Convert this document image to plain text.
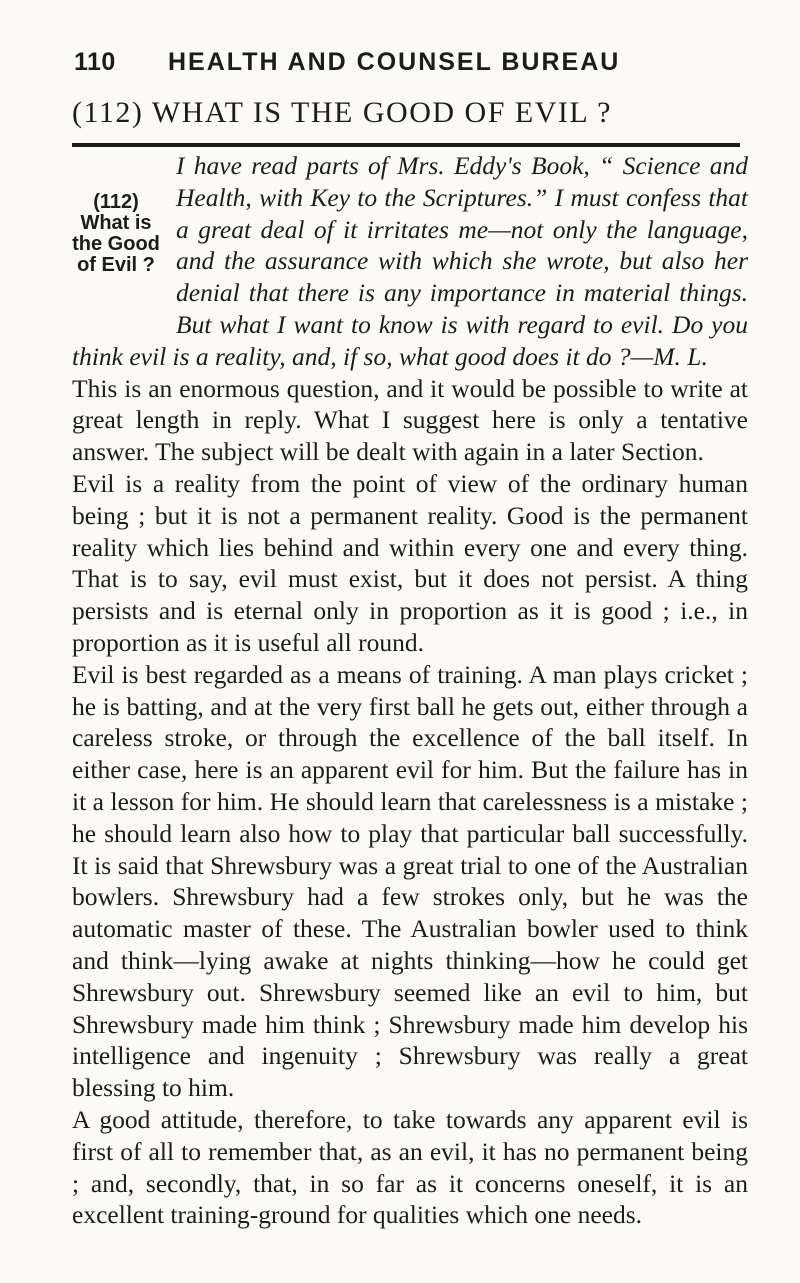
110 HEALTH AND COUNSEL BUREAU
(112) WHAT IS THE GOOD OF EVIL ?

(112) What is the Good of Evil ?
I have read parts of Mrs. Eddy's Book, “ Science and Health, with Key to the Scriptures.” I must confess that a great deal of it irritates me—not only the language, and the assurance with which she wrote, but also her denial that there is any importance in material things. But what I want to know is with regard to evil. Do you think evil is a reality, and, if so, what good does it do ?—M. L.

This is an enormous question, and it would be possible to write at great length in reply. What I suggest here is only a tentative answer. The subject will be dealt with again in a later Section.

Evil is a reality from the point of view of the ordinary human being ; but it is not a permanent reality. Good is the permanent reality which lies behind and within every one and every thing. That is to say, evil must exist, but it does not persist. A thing persists and is eternal only in proportion as it is good ; i.e., in proportion as it is useful all round.

Evil is best regarded as a means of training. A man plays cricket ; he is batting, and at the very first ball he gets out, either through a careless stroke, or through the excellence of the ball itself. In either case, here is an apparent evil for him. But the failure has in it a lesson for him. He should learn that carelessness is a mistake ; he should learn also how to play that particular ball successfully. It is said that Shrewsbury was a great trial to one of the Australian bowlers. Shrewsbury had a few strokes only, but he was the automatic master of these. The Australian bowler used to think and think—lying awake at nights thinking—how he could get Shrewsbury out. Shrewsbury seemed like an evil to him, but Shrewsbury made him think ; Shrewsbury made him develop his intelligence and ingenuity ; Shrewsbury was really a great blessing to him.

A good attitude, therefore, to take towards any apparent evil is first of all to remember that, as an evil, it has no permanent being ; and, secondly, that, in so far as it concerns oneself, it is an excellent training-ground for qualities which one needs.
